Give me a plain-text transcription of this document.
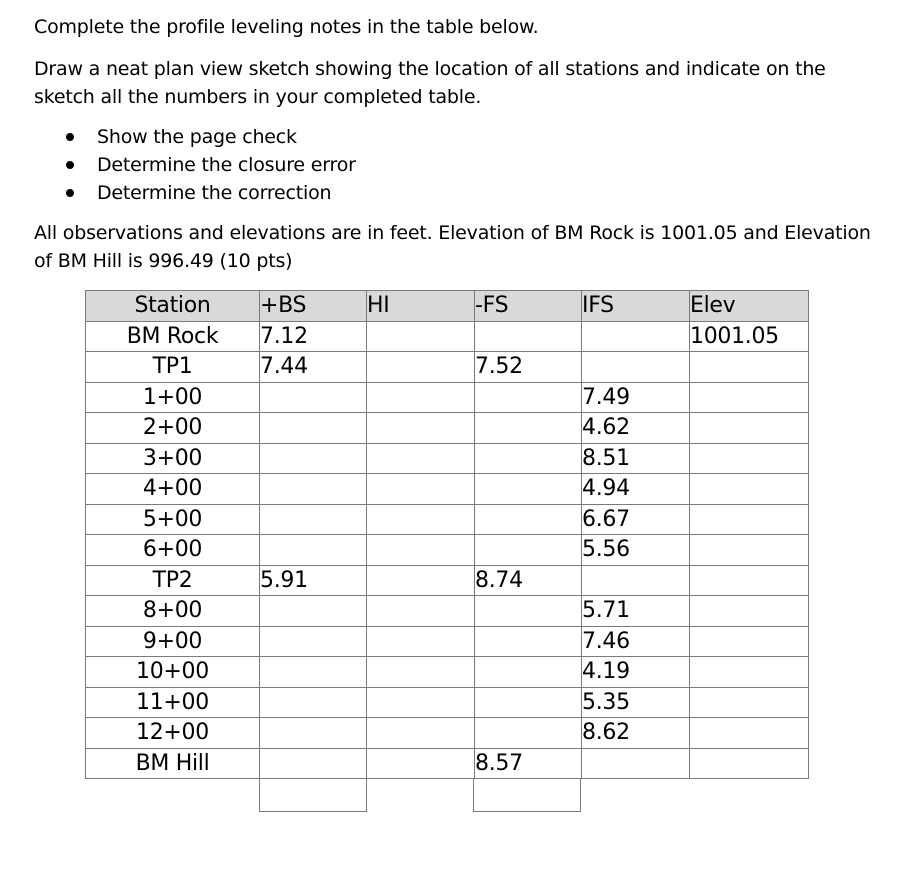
Complete the profile leveling notes in the table below.

Draw a neat plan view sketch showing the location of all stations and indicate on the sketch all the numbers in your completed table.

Show the page check
Determine the closure error
Determine the correction

All observations and elevations are in feet. Elevation of BM Rock is 1001.05 and Elevation of BM Hill is 996.49 (10 pts)

Station	+BS	HI	-FS	IFS	Elev
BM Rock	7.12				1001.05
TP1	7.44		7.52		
1+00				7.49	
2+00				4.62	
3+00				8.51	
4+00				4.94	
5+00				6.67	
6+00				5.56	
TP2	5.91		8.74		
8+00				5.71	
9+00				7.46	
10+00				4.19	
11+00				5.35	
12+00				8.62	
BM Hill			8.57		
